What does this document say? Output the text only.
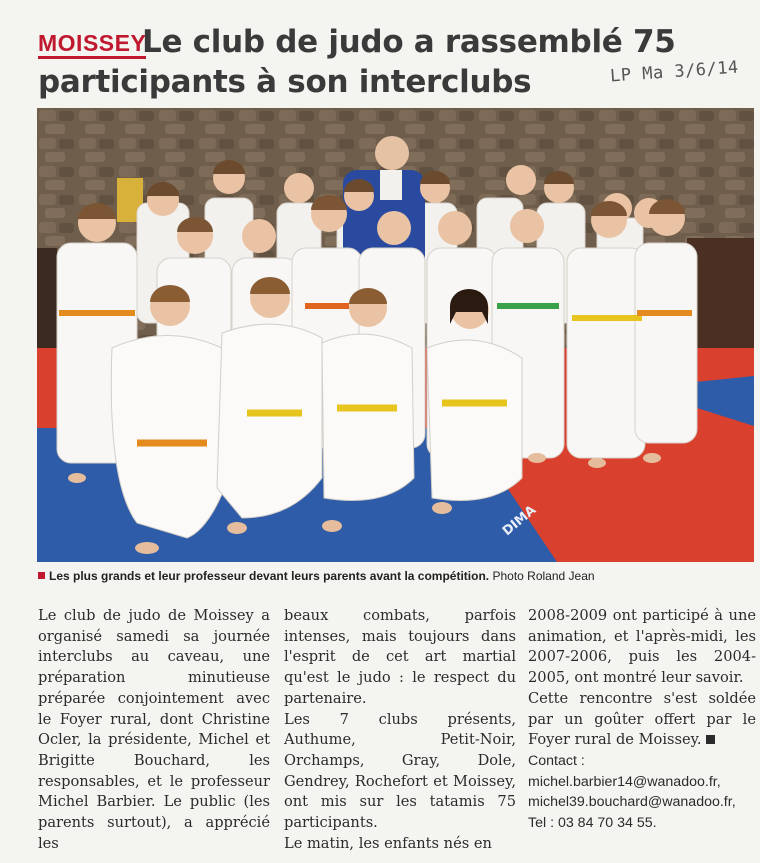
MOISSEY
Le club de judo a rassemblé 75 participants à son interclubs	LP Ma 3/6/14
DIMA
Les plus grands et leur professeur devant leurs parents avant la compétition. Photo Roland Jean

Le club de judo de Moissey a organisé samedi sa journée interclubs au caveau, une préparation minutieuse préparée conjointement avec le Foyer rural, dont Christine Ocler, la présidente, Michel et Brigitte Bouchard, les responsables, et le professeur Michel Barbier. Le public (les parents surtout), a apprécié les

beaux combats, parfois intenses, mais toujours dans l'esprit de cet art martial qu'est le judo : le respect du partenaire.

Les 7 clubs présents, Authume, Petit-Noir, Orchamps, Gray, Dole, Gendrey, Rochefort et Moissey, ont mis sur les tatamis 75 participants.

Le matin, les enfants nés en

2008-2009 ont participé à une animation, et l'après-midi, les 2007-2006, puis les 2004-2005, ont montré leur savoir.

Cette rencontre s'est soldée par un goûter offert par le Foyer rural de Moissey.

Contact :

michel.barbier14@wanadoo.fr,

michel39.bouchard@wanadoo.fr, Tel : 03 84 70 34 55.
